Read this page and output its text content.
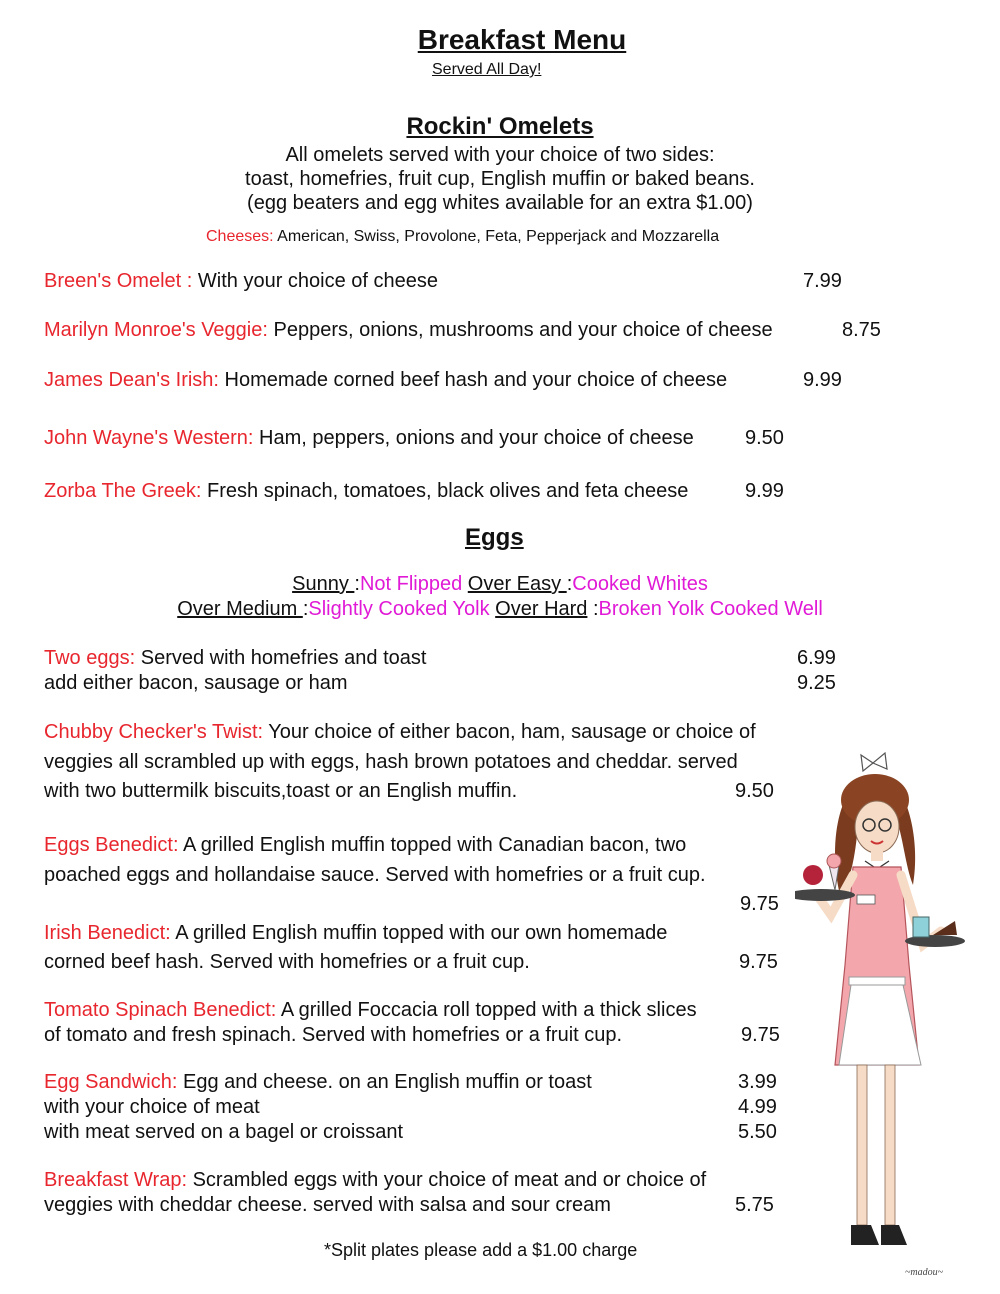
Breakfast Menu
Served All Day!
Rockin' Omelets
All omelets served with your choice of two sides:
toast, homefries, fruit cup, English muffin or baked beans.
(egg beaters and egg whites available for an extra $1.00)
Cheeses: American, Swiss, Provolone, Feta, Pepperjack and Mozzarella
Breen's Omelet : With your choice of cheese	7.99
Marilyn Monroe's Veggie: Peppers, onions, mushrooms and your choice of cheese	8.75
James Dean's Irish: Homemade corned beef hash and your choice of cheese	9.99
John Wayne's Western: Ham, peppers, onions and your choice of cheese	9.50
Zorba The Greek: Fresh spinach, tomatoes, black olives and feta cheese	9.99
Eggs
Sunny :Not Flipped Over Easy :Cooked Whites
Over Medium :Slightly Cooked Yolk Over Hard :Broken Yolk Cooked Well
Two eggs: Served with homefries and toast	6.99
add either bacon, sausage or ham	9.25
Chubby Checker's Twist: Your choice of either bacon, ham, sausage or choice of
veggies all scrambled up with eggs, hash brown potatoes and cheddar. served
with two buttermilk biscuits,toast or an English muffin.	9.50
Eggs Benedict: A grilled English muffin topped with Canadian bacon, two
poached eggs and hollandaise sauce. Served with homefries or a fruit cup.
9.75
Irish Benedict: A grilled English muffin topped with our own homemade
corned beef hash. Served with homefries or a fruit cup.	9.75
Tomato Spinach Benedict: A grilled Foccacia roll topped with a thick slices
of tomato and fresh spinach. Served with homefries or a fruit cup.	9.75
Egg Sandwich: Egg and cheese. on an English muffin or toast	3.99
with your choice of meat	4.99
with meat served on a bagel or croissant	5.50
Breakfast Wrap: Scrambled eggs with your choice of meat and or choice of
veggies with cheddar cheese. served with salsa and sour cream	5.75
*Split plates please add a $1.00 charge
~madou~
